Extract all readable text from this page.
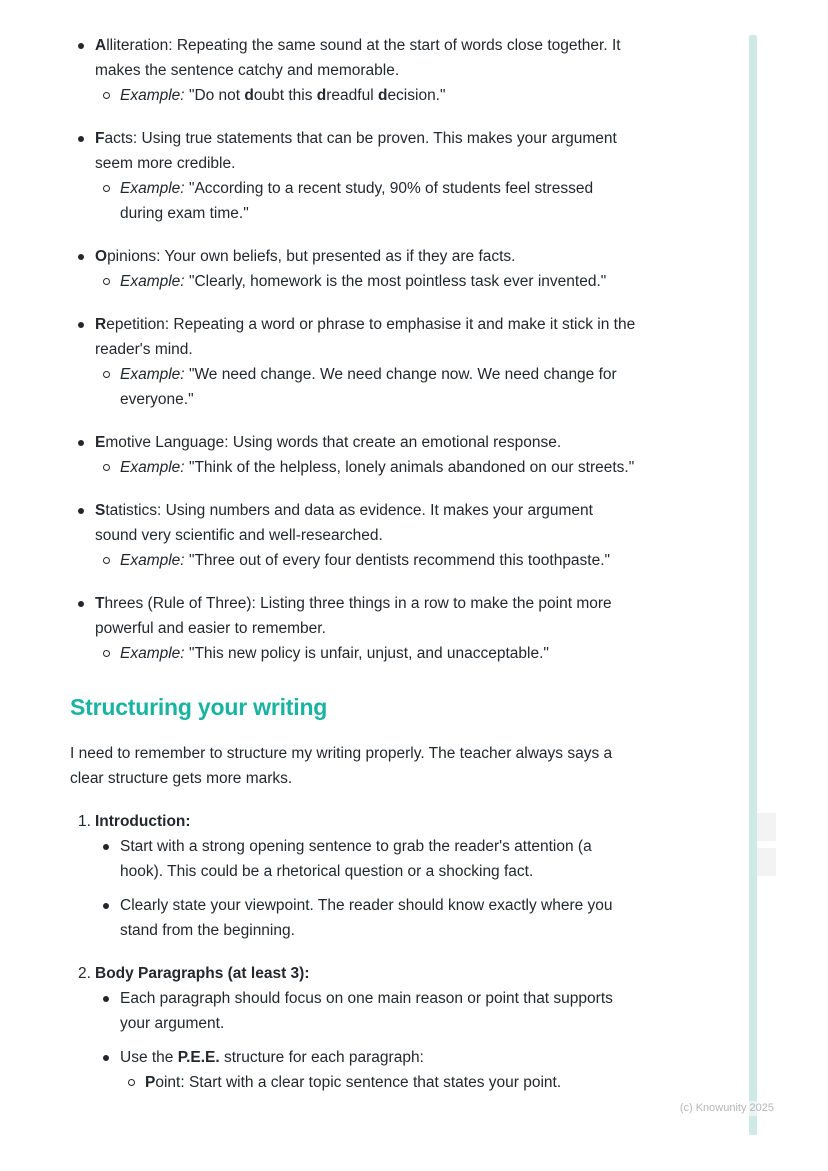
Alliteration: Repeating the same sound at the start of words close together. It makes the sentence catchy and memorable.
Example: "Do not doubt this dreadful decision."
Facts: Using true statements that can be proven. This makes your argument seem more credible.
Example: "According to a recent study, 90% of students feel stressed during exam time."
Opinions: Your own beliefs, but presented as if they are facts.
Example: "Clearly, homework is the most pointless task ever invented."
Repetition: Repeating a word or phrase to emphasise it and make it stick in the reader's mind.
Example: "We need change. We need change now. We need change for everyone."
Emotive Language: Using words that create an emotional response.
Example: "Think of the helpless, lonely animals abandoned on our streets."
Statistics: Using numbers and data as evidence. It makes your argument sound very scientific and well-researched.
Example: "Three out of every four dentists recommend this toothpaste."
Threes (Rule of Three): Listing three things in a row to make the point more powerful and easier to remember.
Example: "This new policy is unfair, unjust, and unacceptable."
Structuring your writing

I need to remember to structure my writing properly. The teacher always says a clear structure gets more marks.

1. Introduction:
Start with a strong opening sentence to grab the reader's attention (a hook). This could be a rhetorical question or a shocking fact.
Clearly state your viewpoint. The reader should know exactly where you stand from the beginning.
2. Body Paragraphs (at least 3):
Each paragraph should focus on one main reason or point that supports your argument.
Use the P.E.E. structure for each paragraph:
Point: Start with a clear topic sentence that states your point.
(c) Knowunity 2025
